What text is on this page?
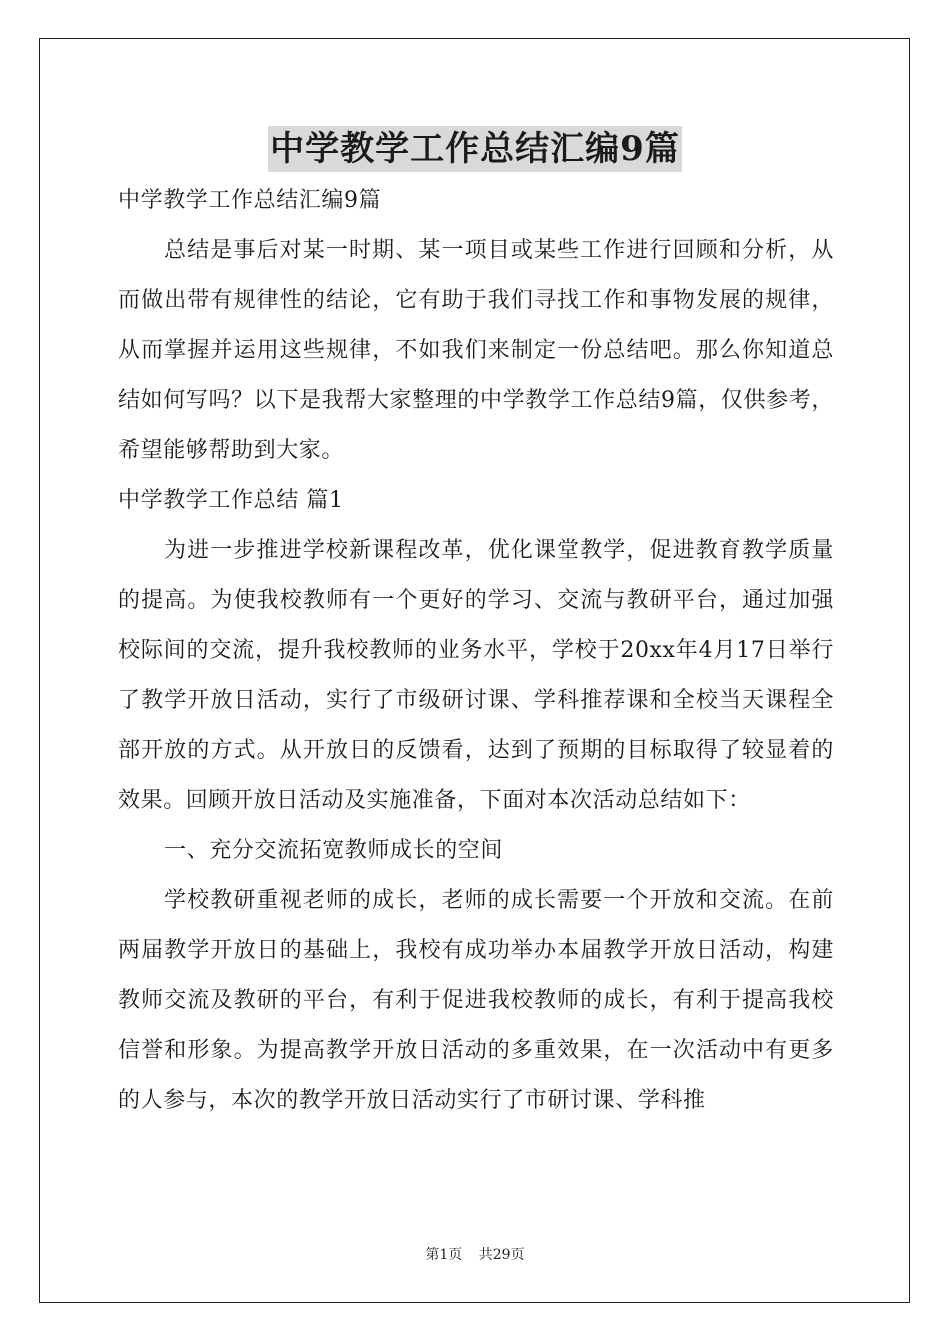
中学教学工作总结汇编9篇

中学教学工作总结汇编9篇

总结是事后对某一时期、某一项目或某些工作进行回顾和分析，从而做出带有规律性的结论，它有助于我们寻找工作和事物发展的规律，从而掌握并运用这些规律，不如我们来制定一份总结吧。那么你知道总结如何写吗？以下是我帮大家整理的中学教学工作总结9篇，仅供参考，希望能够帮助到大家。

中学教学工作总结 篇1

为进一步推进学校新课程改革，优化课堂教学，促进教育教学质量的提高。为使我校教师有一个更好的学习、交流与教研平台，通过加强校际间的交流，提升我校教师的业务水平，学校于20xx年4月17日举行了教学开放日活动，实行了市级研讨课、学科推荐课和全校当天课程全部开放的方式。从开放日的反馈看，达到了预期的目标取得了较显着的效果。回顾开放日活动及实施准备，下面对本次活动总结如下：

一、充分交流拓宽教师成长的空间

学校教研重视老师的成长，老师的成长需要一个开放和交流。在前两届教学开放日的基础上，我校有成功举办本届教学开放日活动，构建教师交流及教研的平台，有利于促进我校教师的成长，有利于提高我校信誉和形象。为提高教学开放日活动的多重效果，在一次活动中有更多的人参与，本次的教学开放日活动实行了市研讨课、学科推

第1页 共29页
